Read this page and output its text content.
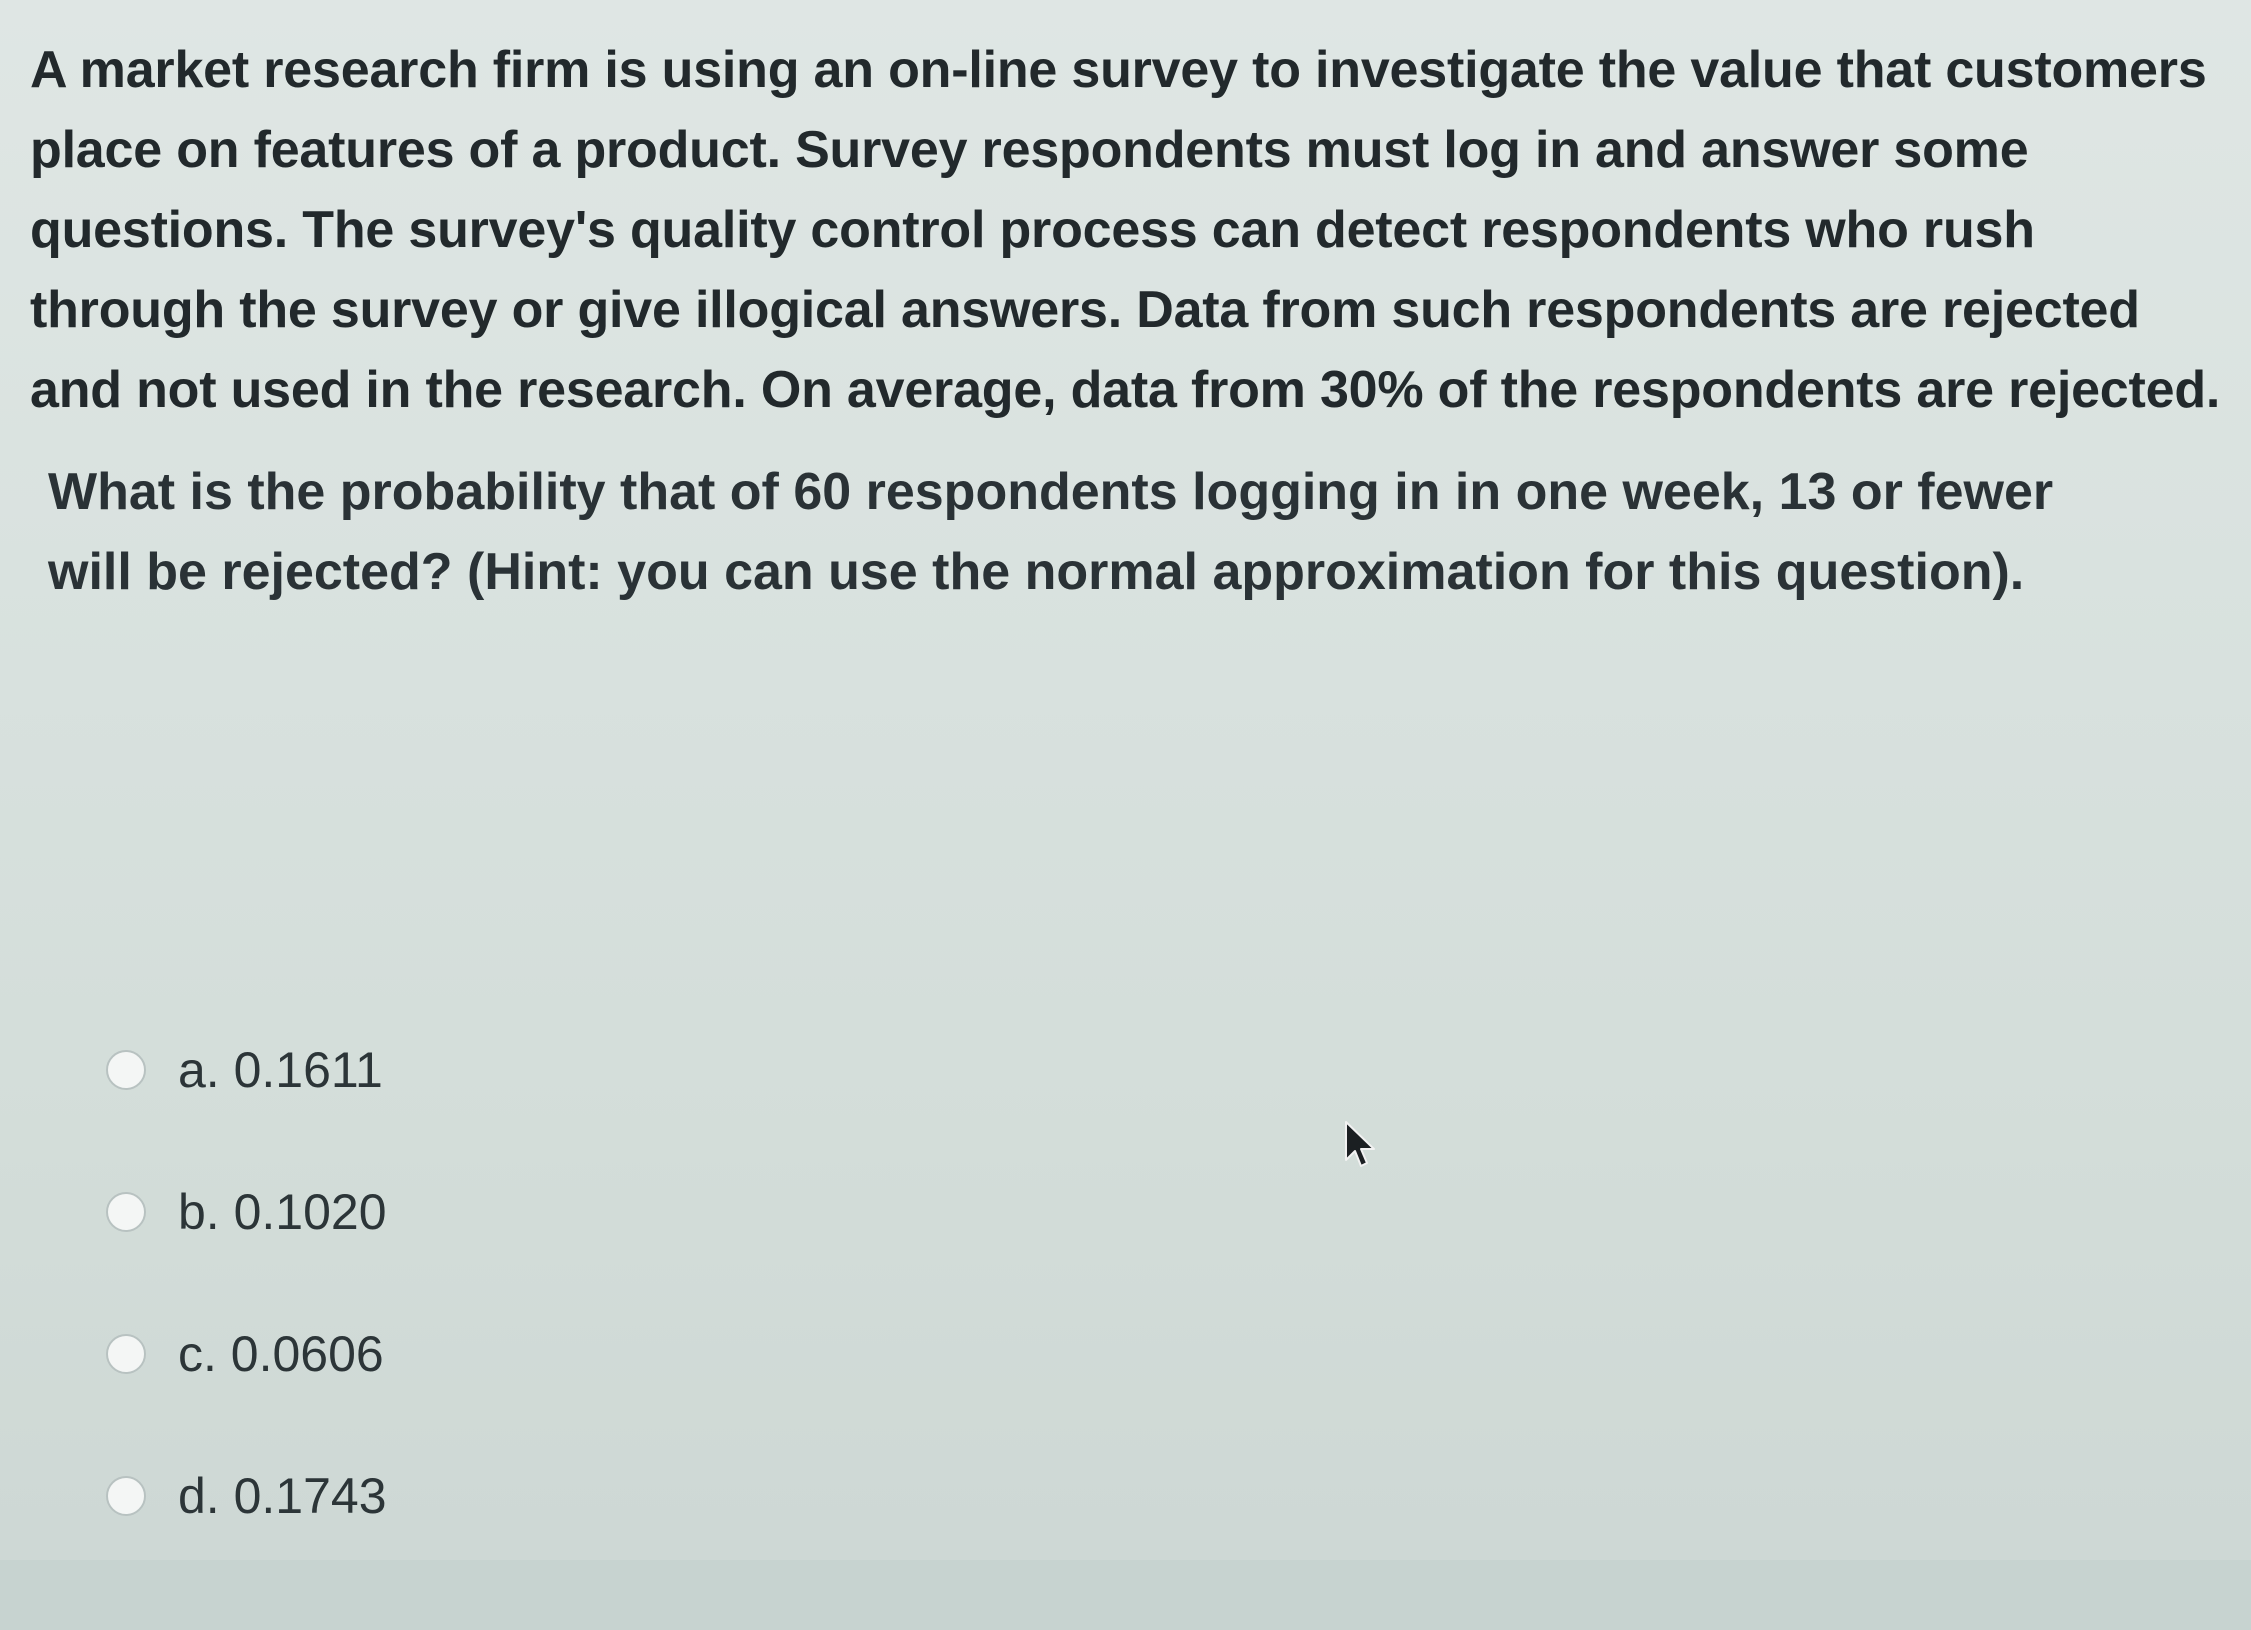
A market research firm is using an on-line survey to investigate the value that customers place on features of a product. Survey respondents must log in and answer some questions. The survey's quality control process can detect respondents who rush through the survey or give illogical answers. Data from such respondents are rejected and not used in the research. On average, data from 30% of the respondents are rejected.

What is the probability that of 60 respondents logging in in one week, 13 or fewer will be rejected? (Hint: you can use the normal approximation for this question).

a. 0.1611
b. 0.1020
c. 0.0606
d. 0.1743
